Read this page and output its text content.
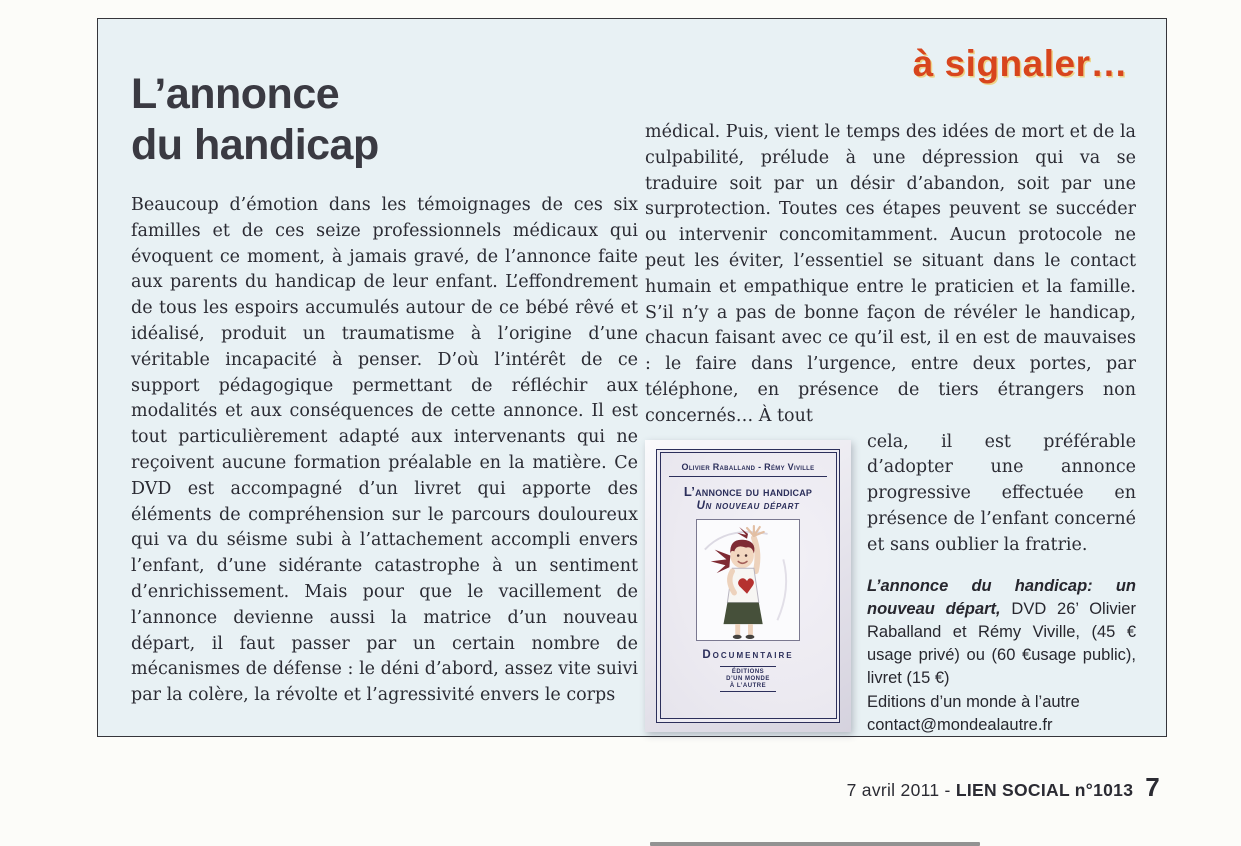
à signaler…
L’annonce
du handicap

Beaucoup d’émotion dans les témoignages de ces six familles et de ces seize professionnels médicaux qui évoquent ce moment, à jamais gravé, de l’annonce faite aux parents du handicap de leur enfant. L’effondrement de tous les espoirs accumulés autour de ce bébé rêvé et idéalisé, produit un traumatisme à l’origine d’une véritable incapacité à penser. D’où l’intérêt de ce support pédagogique permettant de réfléchir aux modalités et aux conséquences de cette annonce. Il est tout particulièrement adapté aux intervenants qui ne reçoivent aucune formation préalable en la matière. Ce DVD est accompagné d’un livret qui apporte des éléments de compréhension sur le parcours douloureux qui va du séisme subi à l’attachement accompli envers l’enfant, d’une sidérante catastrophe à un sentiment d’enrichissement. Mais pour que le vacillement de l’annonce devienne aussi la matrice d’un nouveau départ, il faut passer par un certain nombre de mécanismes de défense : le déni d’abord, assez vite suivi par la colère, la révolte et l’agressivité envers le corps

médical. Puis, vient le temps des idées de mort et de la culpabilité, prélude à une dépression qui va se traduire soit par un désir d’abandon, soit par une surprotection. Toutes ces étapes peuvent se succéder ou intervenir concomitamment. Aucun protocole ne peut les éviter, l’essentiel se situant dans le contact humain et empathique entre le praticien et la famille. S’il n’y a pas de bonne façon de révéler le handicap, chacun faisant avec ce qu’il est, il en est de mauvaises : le faire dans l’urgence, entre deux portes, par téléphone, en présence de tiers étrangers non concernés… À tout

Olivier Raballand - Rémy Viville
L’annonce du handicap
Un nouveau départ
Documentaire
ÉDITIONS
D’UN MONDE
À L’AUTRE

cela, il est préférable d’adopter une annonce progressive effectuée en présence de l’enfant concerné et sans oublier la fratrie.

L’annonce du handicap: un nouveau départ, DVD 26’ Olivier Raballand et Rémy Viville, (45 € usage privé) ou (60 €usage public), livret (15 €)

Editions d’un monde à l’autre
contact@mondealautre.fr
7 avril 2011 - LIEN SOCIAL n°1013 7
